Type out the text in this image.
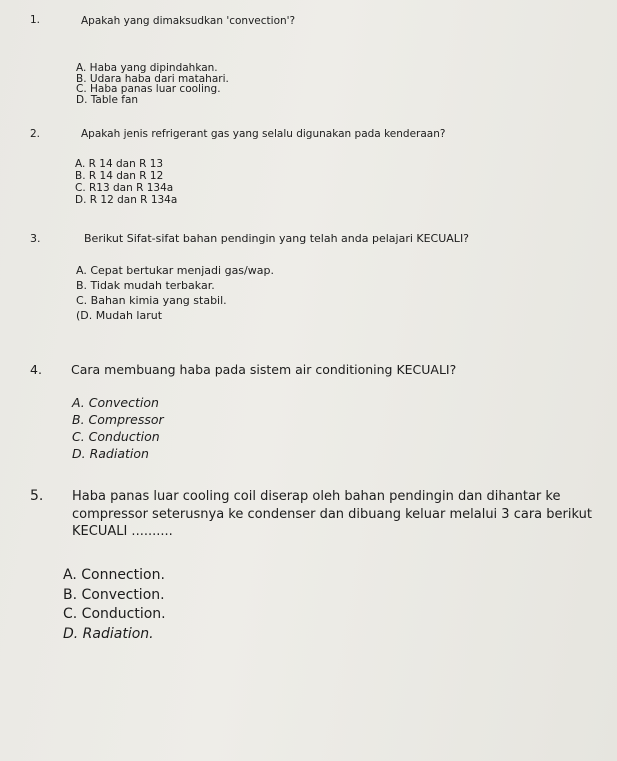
1.	Apakah yang dimaksudkan 'convection'?
A. Haba yang dipindahkan.
B. Udara haba dari matahari.
C. Haba panas luar cooling.
D. Table fan
2.	Apakah jenis refrigerant gas yang selalu digunakan pada kenderaan?
A. R 14 dan R 13
B. R 14 dan R 12
C. R13 dan R 134a
D. R 12 dan R 134a
3.	Berikut Sifat-sifat bahan pendingin yang telah anda pelajari KECUALI?
A. Cepat bertukar menjadi gas/wap.
B. Tidak mudah terbakar.
C. Bahan kimia yang stabil.
(D. Mudah larut
4. Cara membuang haba pada sistem air conditioning KECUALI?
A. Convection
B. Compressor
C. Conduction
D. Radiation
5. Haba panas luar cooling coil diserap oleh bahan pendingin dan dihantar ke
compressor seterusnya ke condenser dan dibuang keluar melalui 3 cara berikut
KECUALI ..........
A. Connection.
B. Convection.
C. Conduction.
D. Radiation.
